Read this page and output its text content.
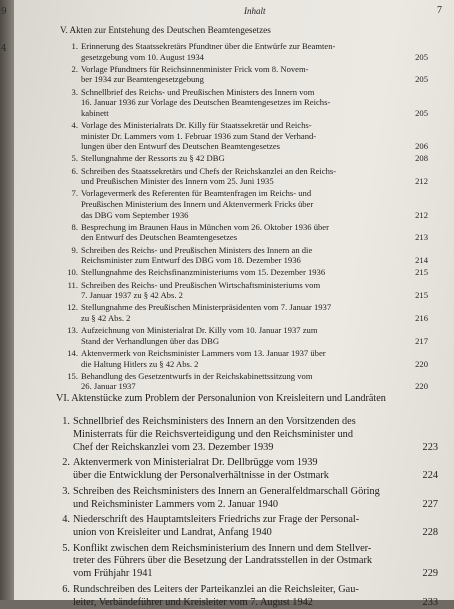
9
4
Inhalt	7
V. Akten zur Entstehung des Deutschen Beamtengesetzes
1. Erinnerung des Staatssekretärs Pfundtner über die Entwürfe zur Beamten-
gesetzgebung vom 10. August 1934	205
2. Vorlage Pfundtners für Reichsinnenminister Frick vom 8. Novem-
ber 1934 zur Beamtengesetzgebung	205
3. Schnellbrief des Reichs- und Preußischen Ministers des Innern vom
16. Januar 1936 zur Vorlage des Deutschen Beamtengesetzes im Reichs-
kabinett	205
4. Vorlage des Ministerialrats Dr. Killy für Staatssekretär und Reichs-
minister Dr. Lammers vom 1. Februar 1936 zum Stand der Verhand-
lungen über den Entwurf des Deutschen Beamtengesetzes	206
5. Stellungnahme der Ressorts zu § 42 DBG	208
6. Schreiben des Staatssekretärs und Chefs der Reichskanzlei an den Reichs-
und Preußischen Minister des Innern vom 25. Juni 1935	212
7. Vorlagevermerk des Referenten für Beamtenfragen im Reichs- und
Preußischen Ministerium des Innern und Aktenvermerk Fricks über
das DBG vom September 1936	212
8. Besprechung im Braunen Haus in München vom 26. Oktober 1936 über
den Entwurf des Deutschen Beamtengesetzes	213
9. Schreiben des Reichs- und Preußischen Ministers des Innern an die
Reichsminister zum Entwurf des DBG vom 18. Dezember 1936	214
10. Stellungnahme des Reichsfinanzministeriums vom 15. Dezember 1936	215
11. Schreiben des Reichs- und Preußischen Wirtschaftsministeriums vom
7. Januar 1937 zu § 42 Abs. 2	215
12. Stellungnahme des Preußischen Ministerpräsidenten vom 7. Januar 1937
zu § 42 Abs. 2	216
13. Aufzeichnung von Ministerialrat Dr. Killy vom 10. Januar 1937 zum
Stand der Verhandlungen über das DBG	217
14. Aktenvermerk von Reichsminister Lammers vom 13. Januar 1937 über
die Haltung Hitlers zu § 42 Abs. 2	220
15. Behandlung des Gesetzentwurfs in der Reichskabinettssitzung vom
26. Januar 1937	220
VI. Aktenstücke zum Problem der Personalunion von Kreisleitern und Landräten
1. Schnellbrief des Reichsministers des Innern an den Vorsitzenden des
Ministerrats für die Reichsverteidigung und den Reichsminister und
Chef der Reichskanzlei vom 23. Dezember 1939	223
2. Aktenvermerk von Ministerialrat Dr. Dellbrügge vom 1939
über die Entwicklung der Personalverhältnisse in der Ostmark	224
3. Schreiben des Reichsministers des Innern an Generalfeldmarschall Göring
und Reichsminister Lammers vom 2. Januar 1940	227
4. Niederschrift des Hauptamtsleiters Friedrichs zur Frage der Personal-
union von Kreisleiter und Landrat, Anfang 1940	228
5. Konflikt zwischen dem Reichsministerium des Innern und dem Stellver-
treter des Führers über die Besetzung der Landratsstellen in der Ostmark
vom Frühjahr 1941	229
6. Rundschreiben des Leiters der Parteikanzlei an die Reichsleiter, Gau-
leiter, Verbändeführer und Kreisleiter vom 7. August 1942	233
